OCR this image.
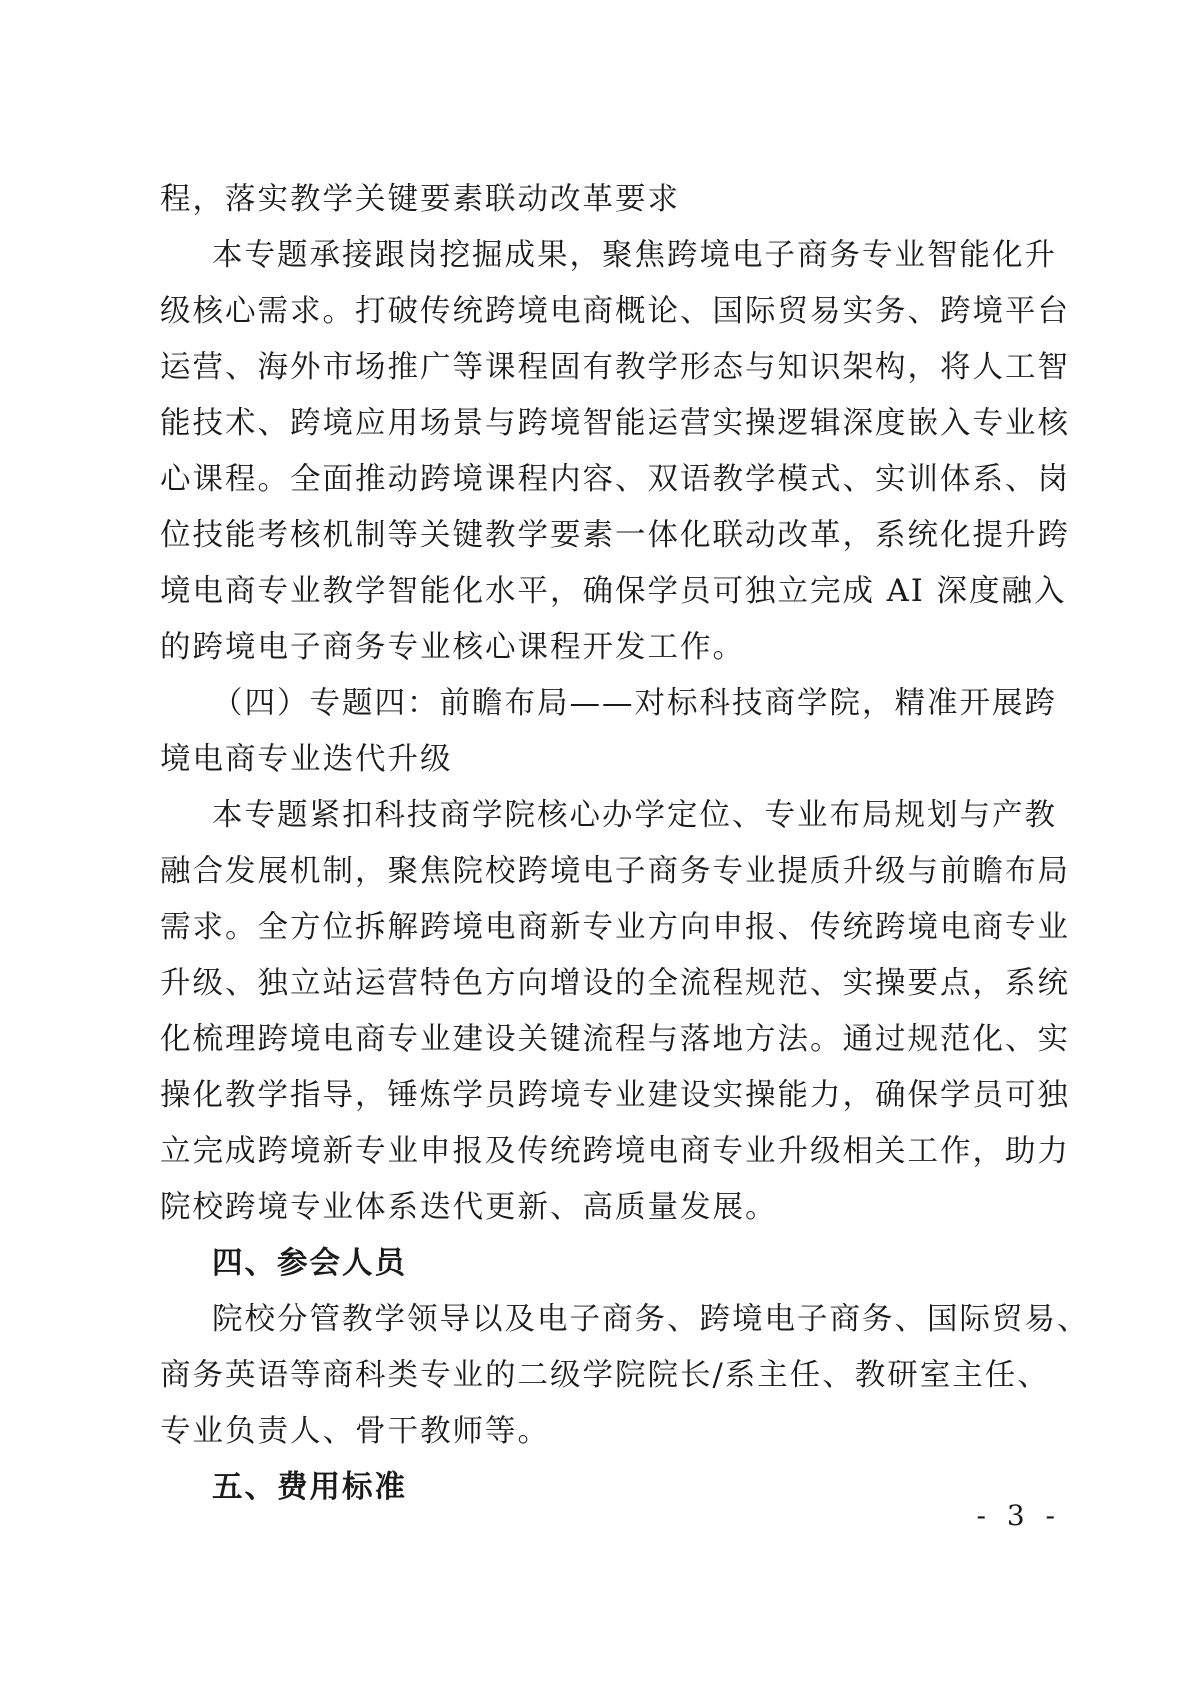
程，落实教学关键要素联动改革要求

本专题承接跟岗挖掘成果，聚焦跨境电子商务专业智能化升

级核心需求。打破传统跨境电商概论、国际贸易实务、跨境平台

运营、海外市场推广等课程固有教学形态与知识架构，将人工智

能技术、跨境应用场景与跨境智能运营实操逻辑深度嵌入专业核

心课程。全面推动跨境课程内容、双语教学模式、实训体系、岗

位技能考核机制等关键教学要素一体化联动改革，系统化提升跨

境电商专业教学智能化水平，确保学员可独立完成 AI 深度融入

的跨境电子商务专业核心课程开发工作。

（四）专题四：前瞻布局——对标科技商学院，精准开展跨

境电商专业迭代升级

本专题紧扣科技商学院核心办学定位、专业布局规划与产教

融合发展机制，聚焦院校跨境电子商务专业提质升级与前瞻布局

需求。全方位拆解跨境电商新专业方向申报、传统跨境电商专业

升级、独立站运营特色方向增设的全流程规范、实操要点，系统

化梳理跨境电商专业建设关键流程与落地方法。通过规范化、实

操化教学指导，锤炼学员跨境专业建设实操能力，确保学员可独

立完成跨境新专业申报及传统跨境电商专业升级相关工作，助力

院校跨境专业体系迭代更新、高质量发展。

四、参会人员

院校分管教学领导以及电子商务、跨境电子商务、国际贸易、

商务英语等商科类专业的二级学院院长/系主任、教研室主任、

专业负责人、骨干教师等。

五、费用标准

- 3 -
